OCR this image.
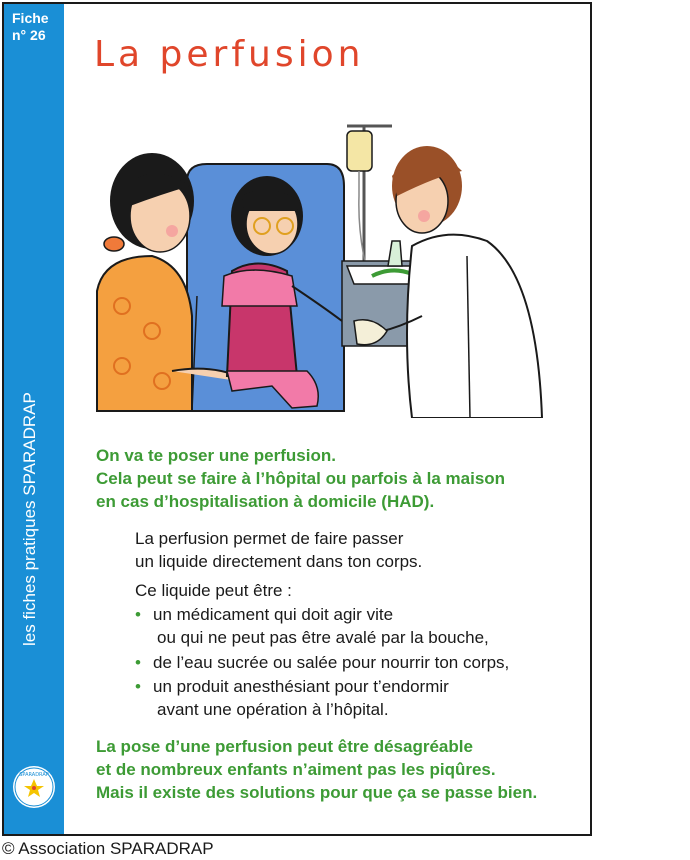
Fiche
n° 26
les fiches pratiques SPARADRAP
SPARADRAP
La perfusion
On va te poser une perfusion.
Cela peut se faire à l’hôpital ou parfois à la maison
en cas d’hospitalisation à domicile (HAD).
La perfusion permet de faire passer
un liquide directement dans ton corps.
Ce liquide peut être :
• un médicament qui doit agir vite
ou qui ne peut pas être avalé par la bouche,
• de l’eau sucrée ou salée pour nourrir ton corps,
• un produit anesthésiant pour t’endormir
avant une opération à l’hôpital.
La pose d’une perfusion peut être désagréable
et de nombreux enfants n’aiment pas les piqûres.
Mais il existe des solutions pour que ça se passe bien.
© Association SPARADRAP
